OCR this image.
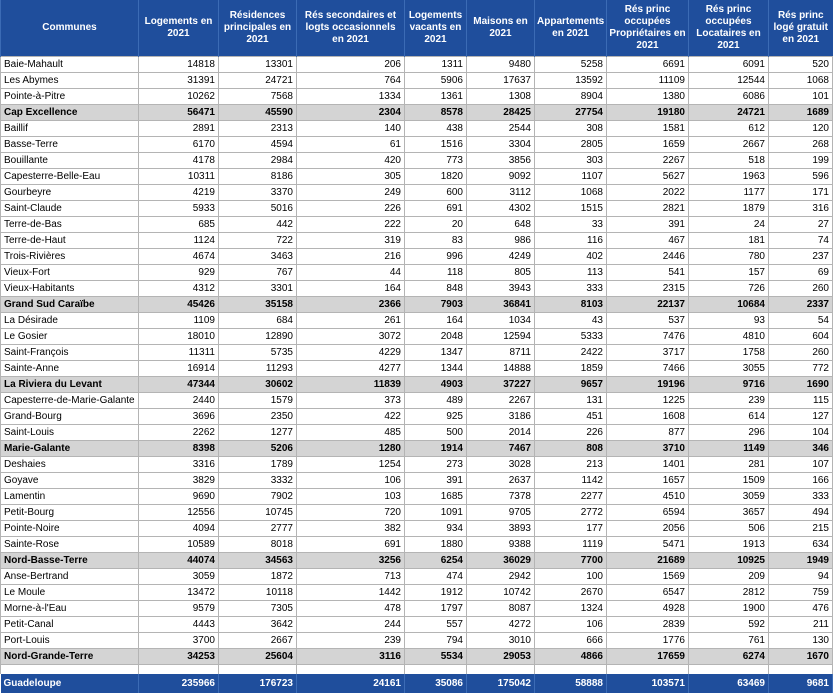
Communes	Logements en 2021	Résidences principales en 2021	Rés secondaires et logts occasionnels en 2021	Logements vacants en 2021	Maisons en 2021	Appartements en 2021	Rés princ occupées Propriétaires en 2021	Rés princ occupées Locataires en 2021	Rés princ logé gratuit en 2021
Baie-Mahault	14818	13301	206	1311	9480	5258	6691	6091	520
Les Abymes	31391	24721	764	5906	17637	13592	11109	12544	1068
Pointe-à-Pitre	10262	7568	1334	1361	1308	8904	1380	6086	101
Cap Excellence	56471	45590	2304	8578	28425	27754	19180	24721	1689
Baillif	2891	2313	140	438	2544	308	1581	612	120
Basse-Terre	6170	4594	61	1516	3304	2805	1659	2667	268
Bouillante	4178	2984	420	773	3856	303	2267	518	199
Capesterre-Belle-Eau	10311	8186	305	1820	9092	1107	5627	1963	596
Gourbeyre	4219	3370	249	600	3112	1068	2022	1177	171
Saint-Claude	5933	5016	226	691	4302	1515	2821	1879	316
Terre-de-Bas	685	442	222	20	648	33	391	24	27
Terre-de-Haut	1124	722	319	83	986	116	467	181	74
Trois-Rivières	4674	3463	216	996	4249	402	2446	780	237
Vieux-Fort	929	767	44	118	805	113	541	157	69
Vieux-Habitants	4312	3301	164	848	3943	333	2315	726	260
Grand Sud Caraïbe	45426	35158	2366	7903	36841	8103	22137	10684	2337
La Désirade	1109	684	261	164	1034	43	537	93	54
Le Gosier	18010	12890	3072	2048	12594	5333	7476	4810	604
Saint-François	11311	5735	4229	1347	8711	2422	3717	1758	260
Sainte-Anne	16914	11293	4277	1344	14888	1859	7466	3055	772
La Riviera du Levant	47344	30602	11839	4903	37227	9657	19196	9716	1690
Capesterre-de-Marie-Galante	2440	1579	373	489	2267	131	1225	239	115
Grand-Bourg	3696	2350	422	925	3186	451	1608	614	127
Saint-Louis	2262	1277	485	500	2014	226	877	296	104
Marie-Galante	8398	5206	1280	1914	7467	808	3710	1149	346
Deshaies	3316	1789	1254	273	3028	213	1401	281	107
Goyave	3829	3332	106	391	2637	1142	1657	1509	166
Lamentin	9690	7902	103	1685	7378	2277	4510	3059	333
Petit-Bourg	12556	10745	720	1091	9705	2772	6594	3657	494
Pointe-Noire	4094	2777	382	934	3893	177	2056	506	215
Sainte-Rose	10589	8018	691	1880	9388	1119	5471	1913	634
Nord-Basse-Terre	44074	34563	3256	6254	36029	7700	21689	10925	1949
Anse-Bertrand	3059	1872	713	474	2942	100	1569	209	94
Le Moule	13472	10118	1442	1912	10742	2670	6547	2812	759
Morne-à-l'Eau	9579	7305	478	1797	8087	1324	4928	1900	476
Petit-Canal	4443	3642	244	557	4272	106	2839	592	211
Port-Louis	3700	2667	239	794	3010	666	1776	761	130
Nord-Grande-Terre	34253	25604	3116	5534	29053	4866	17659	6274	1670

Guadeloupe	235966	176723	24161	35086	175042	58888	103571	63469	9681
